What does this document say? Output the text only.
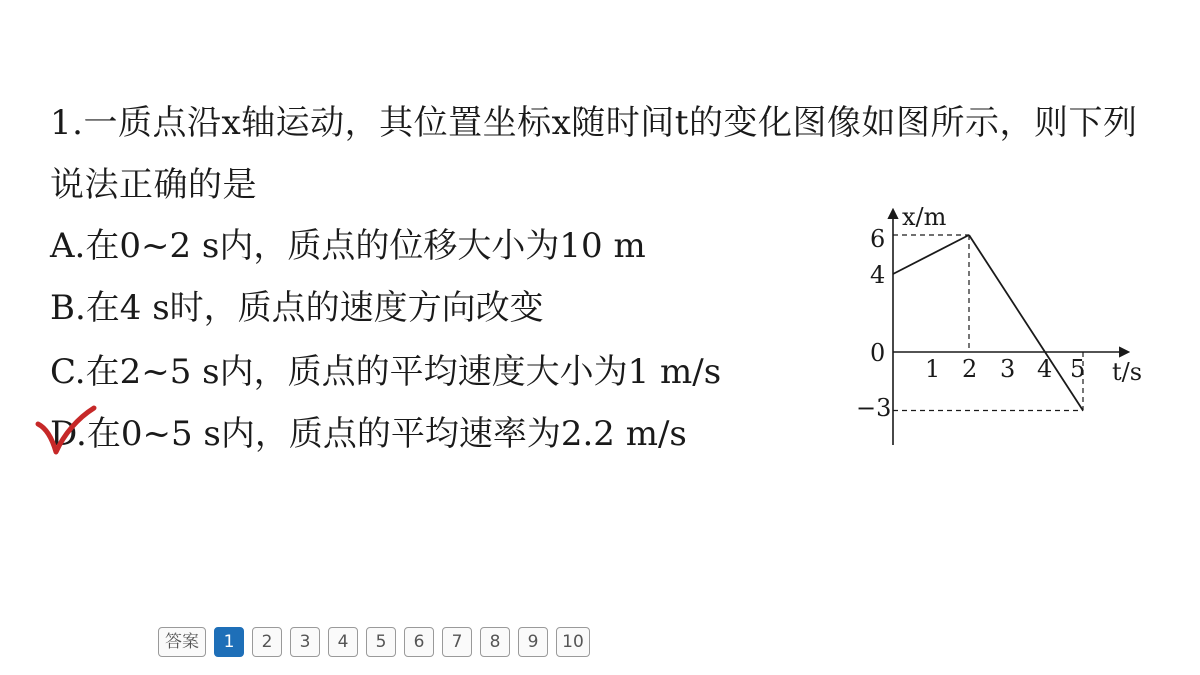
1.一质点沿x轴运动，其位置坐标x随时间t的变化图像如图所示，则下列
说法正确的是
A.在0~2 s内，质点的位移大小为10 m
B.在4 s时，质点的速度方向改变
C.在2~5 s内，质点的平均速度大小为1 m/s
D.在0~5 s内，质点的平均速率为2.2 m/s
x/m
t/s
6
4
0
−3
1 2 3 4 5
答案	1	2	3	4	5	6	7	8	9	10
